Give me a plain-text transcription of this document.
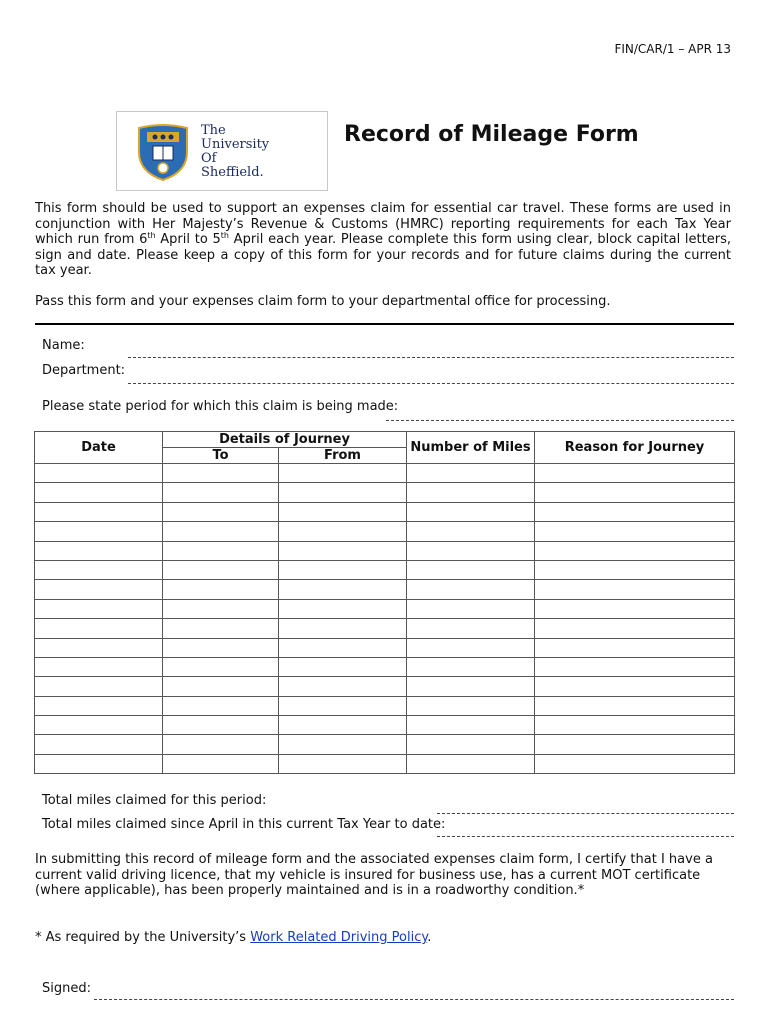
FIN/CAR/1 – APR 13
The
University
Of
Sheffield.
Record of Mileage Form

This form should be used to support an expenses claim for essential car travel. These forms are used in conjunction with Her Majesty’s Revenue & Customs (HMRC) reporting requirements for each Tax Year which run from 6th April to 5th April each year. Please complete this form using clear, block capital letters, sign and date. Please keep a copy of this form for your records and for future claims during the current tax year.

Pass this form and your expenses claim form to your departmental office for processing.
Name:
Department:
Please state period for which this claim is being made:
Date	Details of Journey		Number of Miles	Reason for Journey
	To	From		

Total miles claimed for this period:
Total miles claimed since April in this current Tax Year to date:

In submitting this record of mileage form and the associated expenses claim form, I certify that I have a current valid driving licence, that my vehicle is insured for business use, has a current MOT certificate (where applicable), has been properly maintained and is in a roadworthy condition.*

* As required by the University’s Work Related Driving Policy.
Signed:
